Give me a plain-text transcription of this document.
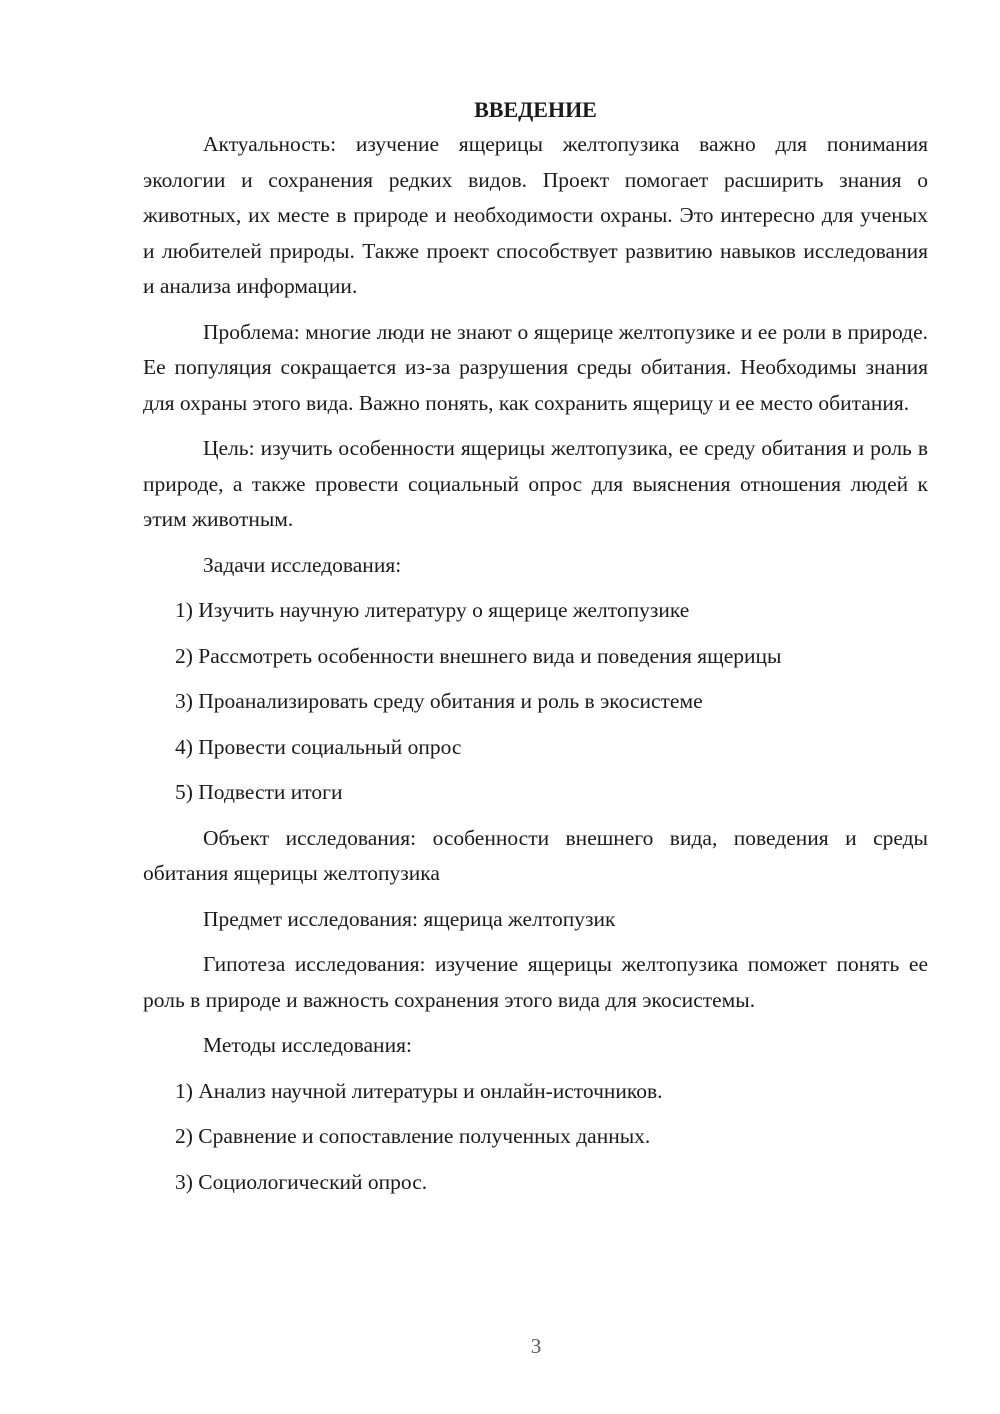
ВВЕДЕНИЕ

Актуальность: изучение ящерицы желтопузика важно для понимания экологии и сохранения редких видов. Проект помогает расширить знания о животных, их месте в природе и необходимости охраны. Это интересно для ученых и любителей природы. Также проект способствует развитию навыков исследования и анализа информации.

Проблема: многие люди не знают о ящерице желтопузике и ее роли в природе. Ее популяция сокращается из-за разрушения среды обитания. Необходимы знания для охраны этого вида. Важно понять, как сохранить ящерицу и ее место обитания.

Цель: изучить особенности ящерицы желтопузика, ее среду обитания и роль в природе, а также провести социальный опрос для выяснения отношения людей к этим животным.

Задачи исследования:
1) Изучить научную литературу о ящерице желтопузике
2) Рассмотреть особенности внешнего вида и поведения ящерицы
3) Проанализировать среду обитания и роль в экосистеме
4) Провести социальный опрос
5) Подвести итоги

Объект исследования: особенности внешнего вида, поведения и среды обитания ящерицы желтопузика

Предмет исследования: ящерица желтопузик

Гипотеза исследования: изучение ящерицы желтопузика поможет понять ее роль в природе и важность сохранения этого вида для экосистемы.

Методы исследования:
1) Анализ научной литературы и онлайн-источников.
2) Сравнение и сопоставление полученных данных.
3) Социологический опрос.
3
